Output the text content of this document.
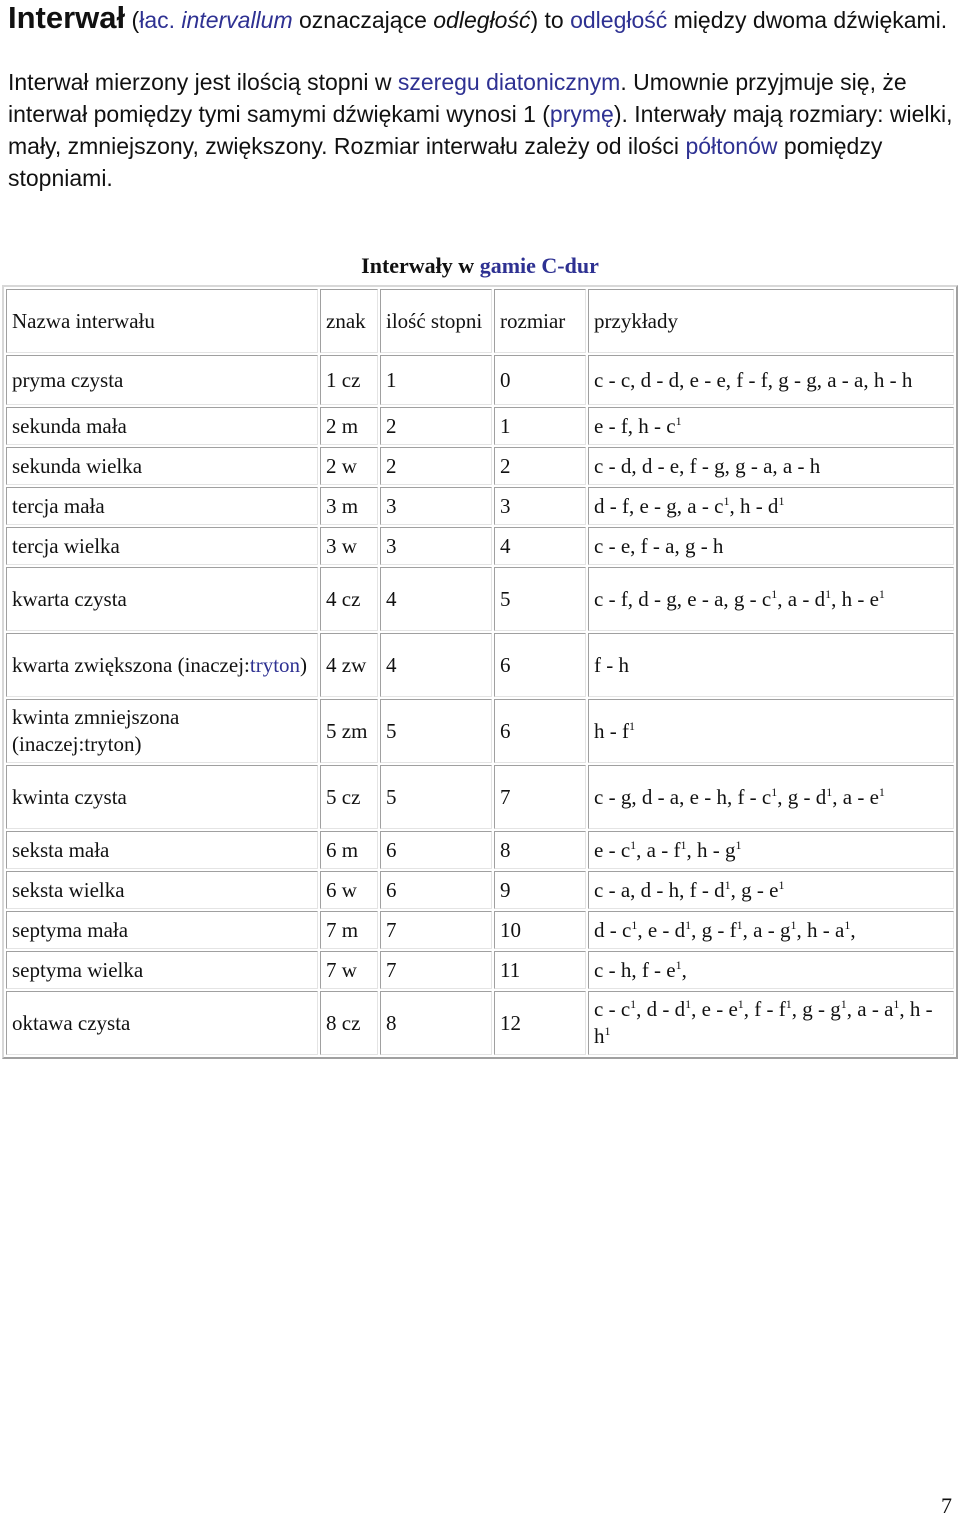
Interwał (łac. intervallum oznaczające odległość) to odległość między dwoma dźwiękami.

Interwał mierzony jest ilością stopni w szeregu diatonicznym. Umownie przyjmuje się, że interwał pomiędzy tymi samymi dźwiękami wynosi 1 (prymę). Interwały mają rozmiary: wielki, mały, zmniejszony, zwiększony. Rozmiar interwału zależy od ilości półtonów pomiędzy stopniami.

Interwały w gamie C-dur
Nazwa interwału	znak	ilość stopni	rozmiar	przykłady
pryma czysta	1 cz	1	0	c - c, d - d, e - e, f - f, g - g, a - a, h - h
sekunda mała	2 m	2	1	e - f, h - $c^1$
sekunda wielka	2 w	2	2	c - d, d - e, f - g, g - a, a - h
tercja mała	3 m	3	3	d - f, e - g, a - $c^1$, h - $d^1$
tercja wielka	3 w	3	4	c - e, f - a, g - h
kwarta czysta	4 cz	4	5	c - f, d - g, e - a, g - $c^1$, a - $d^1$, h - $e^1$
kwarta zwiększona (inaczej:tryton)	4 zw	4	6	f - h
kwinta zmniejszona (inaczej:tryton)	5 zm	5	6	h - $f^1$
kwinta czysta	5 cz	5	7	c - g, d - a, e - h, f - $c^1$, g - $d^1$, a - $e^1$
seksta mała	6 m	6	8	e - $c^1$, a - $f^1$, h - $g^1$
seksta wielka	6 w	6	9	c - a, d - h, f - $d^1$, g - $e^1$
septyma mała	7 m	7	10	d - $c^1$, e - $d^1$, g - $f^1$, a - $g^1$, h - $a^1$,
septyma wielka	7 w	7	11	c - h, f - $e^1$,
oktawa czysta	8 cz	8	12	c - $c^1$, d - $d^1$, e - $e^1$, f - $f^1$, g - $g^1$, a - $a^1$, h - $h^1$
7
